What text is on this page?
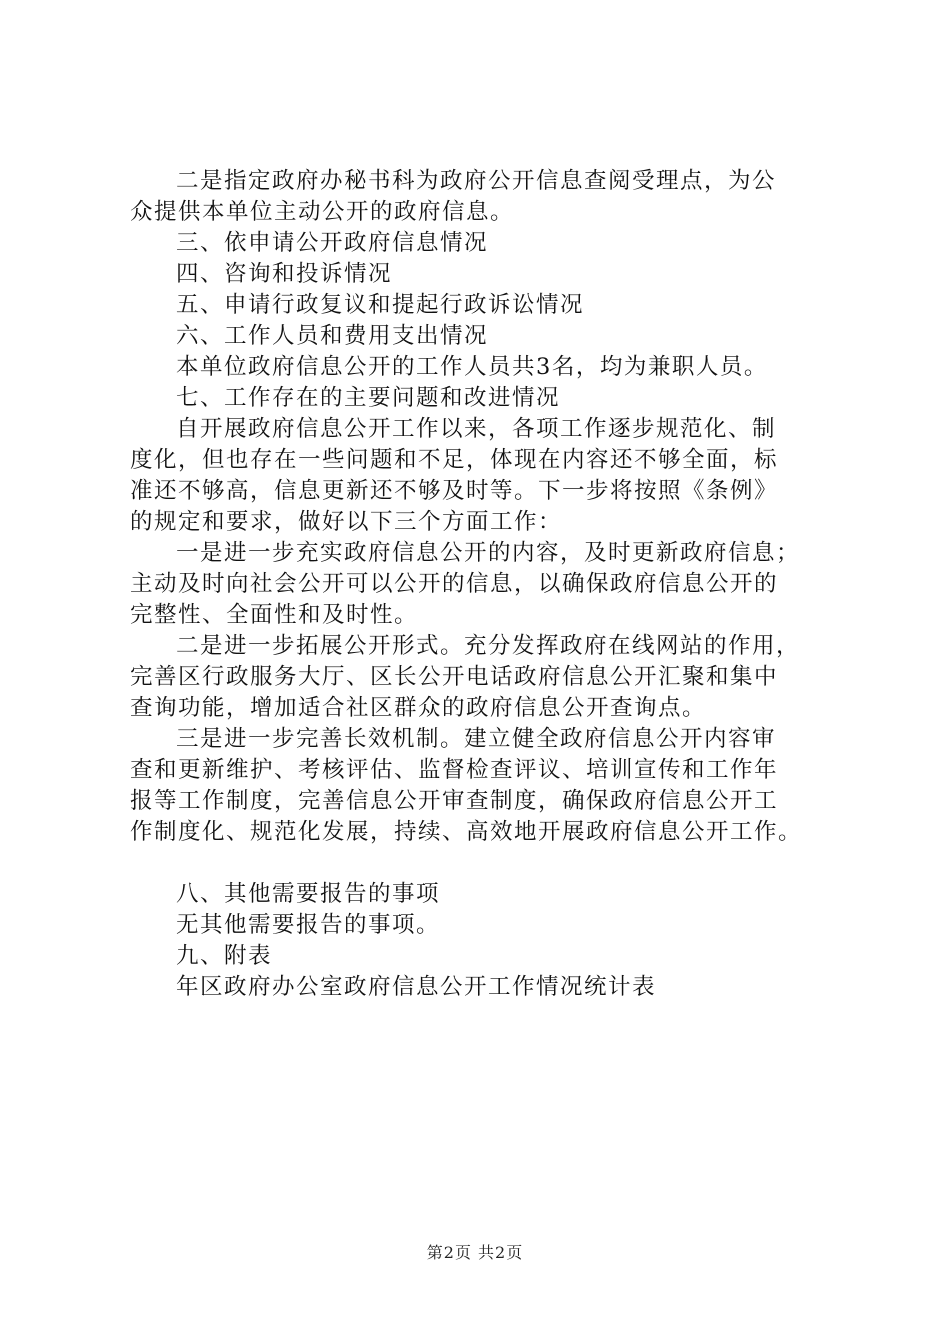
二是指定政府办秘书科为政府公开信息查阅受理点，为公
众提供本单位主动公开的政府信息。
三、依申请公开政府信息情况
四、咨询和投诉情况
五、申请行政复议和提起行政诉讼情况
六、工作人员和费用支出情况
本单位政府信息公开的工作人员共3名，均为兼职人员。
七、工作存在的主要问题和改进情况
自开展政府信息公开工作以来，各项工作逐步规范化、制
度化，但也存在一些问题和不足，体现在内容还不够全面，标
准还不够高，信息更新还不够及时等。下一步将按照《条例》
的规定和要求，做好以下三个方面工作：
一是进一步充实政府信息公开的内容，及时更新政府信息；
主动及时向社会公开可以公开的信息，以确保政府信息公开的
完整性、全面性和及时性。
二是进一步拓展公开形式。充分发挥政府在线网站的作用，
完善区行政服务大厅、区长公开电话政府信息公开汇聚和集中
查询功能，增加适合社区群众的政府信息公开查询点。
三是进一步完善长效机制。建立健全政府信息公开内容审
查和更新维护、考核评估、监督检查评议、培训宣传和工作年
报等工作制度，完善信息公开审查制度，确保政府信息公开工
作制度化、规范化发展，持续、高效地开展政府信息公开工作。
八、其他需要报告的事项
无其他需要报告的事项。
九、附表
年区政府办公室政府信息公开工作情况统计表
第2页 共2页
